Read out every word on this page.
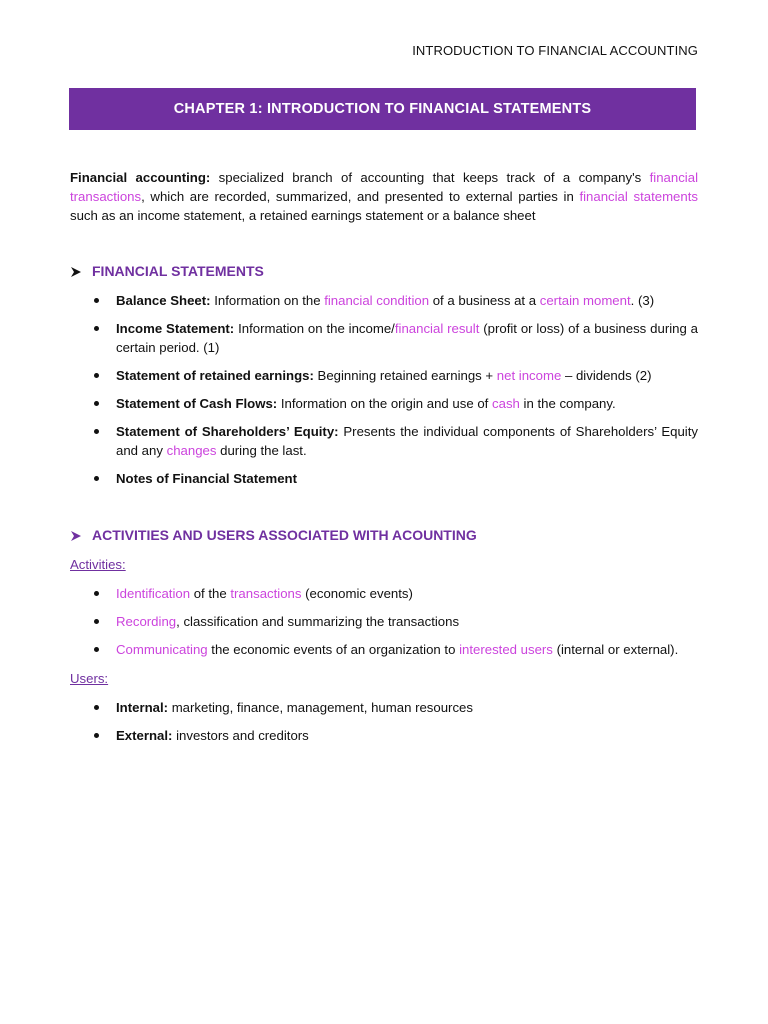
INTRODUCTION TO FINANCIAL ACCOUNTING
CHAPTER 1: INTRODUCTION TO FINANCIAL STATEMENTS

Financial accounting: specialized branch of accounting that keeps track of a company's financial transactions, which are recorded, summarized, and presented to external parties in financial statements such as an income statement, a retained earnings statement or a balance sheet

FINANCIAL STATEMENTS
Balance Sheet: Information on the financial condition of a business at a certain moment. (3)
Income Statement: Information on the income/financial result (profit or loss) of a business during a certain period. (1)
Statement of retained earnings: Beginning retained earnings + net income – dividends (2)
Statement of Cash Flows: Information on the origin and use of cash in the company.
Statement of Shareholders’ Equity: Presents the individual components of Shareholders’ Equity and any changes during the last.
Notes of Financial Statement
ACTIVITIES AND USERS ASSOCIATED WITH ACOUNTING
Activities:
Identification of the transactions (economic events)
Recording, classification and summarizing the transactions
Communicating the economic events of an organization to interested users (internal or external).
Users:
Internal: marketing, finance, management, human resources
External: investors and creditors
